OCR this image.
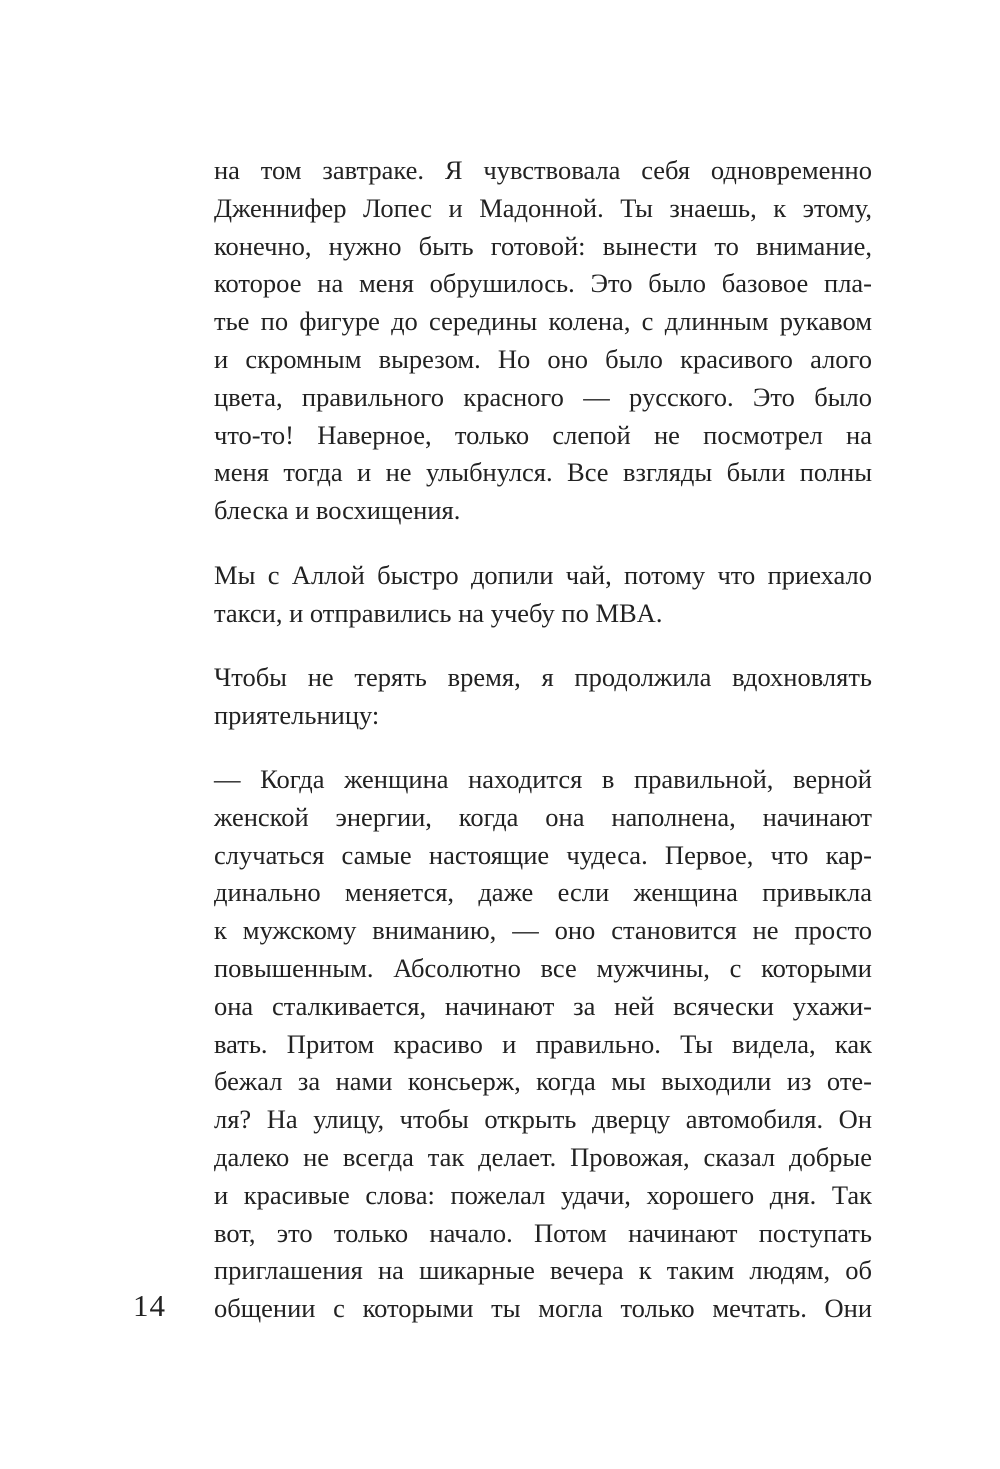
на том завтраке. Я чувствовала себя одновременно
Дженнифер Лопес и Мадонной. Ты знаешь, к этому,
конечно, нужно быть готовой: вынести то внимание,
которое на меня обрушилось. Это было базовое пла-
тье по фигуре до середины колена, с длинным рукавом
и скромным вырезом. Но оно было красивого алого
цвета, правильного красного — русского. Это было
что-то! Наверное, только слепой не посмотрел на
меня тогда и не улыбнулся. Все взгляды были полны
блеска и восхищения.
Мы с Аллой быстро допили чай, потому что приехало
такси, и отправились на учебу по MBA.
Чтобы не терять время, я продолжила вдохновлять
приятельницу:
— Когда женщина находится в правильной, верной
женской энергии, когда она наполнена, начинают
случаться самые настоящие чудеса. Первое, что кар-
динально меняется, даже если женщина привыкла
к мужскому вниманию, — оно становится не просто
повышенным. Абсолютно все мужчины, с которыми
она сталкивается, начинают за ней всячески ухажи-
вать. Притом красиво и правильно. Ты видела, как
бежал за нами консьерж, когда мы выходили из оте-
ля? На улицу, чтобы открыть дверцу автомобиля. Он
далеко не всегда так делает. Провожая, сказал добрые
и красивые слова: пожелал удачи, хорошего дня. Так
вот, это только начало. Потом начинают поступать
приглашения на шикарные вечера к таким людям, об
общении с которыми ты могла только мечтать. Они
14
